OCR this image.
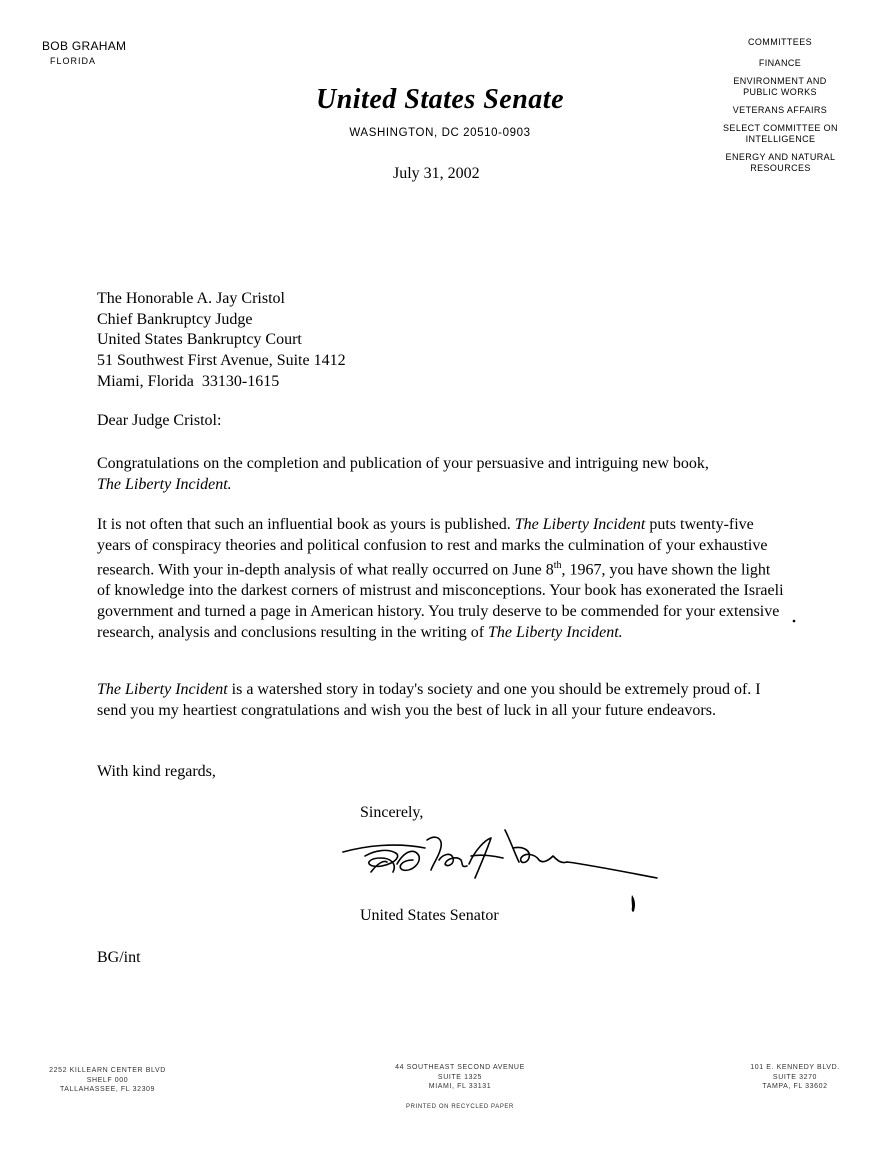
BOB GRAHAM
FLORIDA
United States Senate
WASHINGTON, DC 20510-0903
COMMITTEES
FINANCE
ENVIRONMENT AND PUBLIC WORKS
VETERANS AFFAIRS
SELECT COMMITTEE ON INTELLIGENCE
ENERGY AND NATURAL RESOURCES
July 31, 2002
The Honorable A. Jay Cristol
Chief Bankruptcy Judge
United States Bankruptcy Court
51 Southwest First Avenue, Suite 1412
Miami, Florida  33130-1615
Dear Judge Cristol:
Congratulations on the completion and publication of your persuasive and intriguing new book,
The Liberty Incident.
It is not often that such an influential book as yours is published. The Liberty Incident puts twenty-five years of conspiracy theories and political confusion to rest and marks the culmination of your exhaustive research. With your in-depth analysis of what really occurred on June 8th, 1967, you have shown the light of knowledge into the darkest corners of mistrust and misconceptions. Your book has exonerated the Israeli government and turned a page in American history. You truly deserve to be commended for your extensive research, analysis and conclusions resulting in the writing of The Liberty Incident.
The Liberty Incident is a watershed story in today's society and one you should be extremely proud of. I send you my heartiest congratulations and wish you the best of luck in all your future endeavors.
With kind regards,
Sincerely,
United States Senator
BG/int
2252 KILLEARN CENTER BLVD
SHELF 000
TALLAHASSEE, FL 32309
44 SOUTHEAST SECOND AVENUE
SUITE 1325
MIAMI, FL 33131
101 E. KENNEDY BLVD.
SUITE 3270
TAMPA, FL 33602
PRINTED ON RECYCLED PAPER
